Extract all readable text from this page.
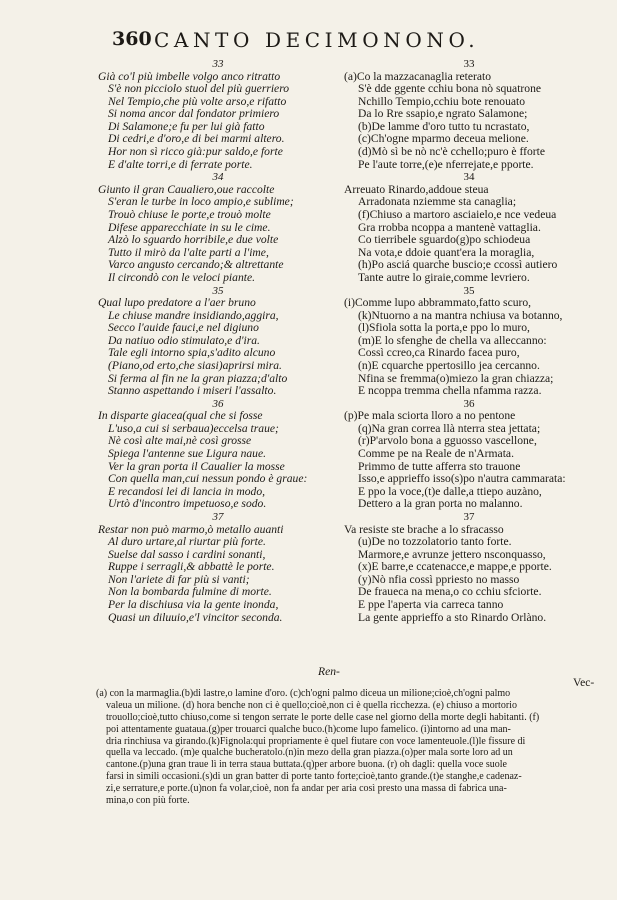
360 CANTO DECIMONONO.
33
Già co'l più imbelle volgo anco ritratto
S'è non picciolo stuol del più guerriero
Nel Tempio,che più volte arso,e rifatto
Si noma ancor dal fondator primiero
Di Salamone;e fu per lui già fatto
Di cedri,e d'oro,e di bei marmi altero.
Hor non sì ricco già:pur saldo,e forte
E d'alte torri,e di ferrate porte.
34
Giunto il gran Caualiero,oue raccolte
S'eran le turbe in loco ampio,e sublime;
Trouò chiuse le porte,e trouò molte
Difese apparecchiate in su le cime.
Alzò lo sguardo horribile,e due volte
Tutto il mirò da l'alte parti a l'ime,
Varco angusto cercando;& altrettante
Il circondò con le veloci piante.
35
Qual lupo predatore a l'aer bruno
Le chiuse mandre insidiando,aggira,
Secco l'auide fauci,e nel digiuno
Da natiuo odio stimulato,e d'ira.
Tale egli intorno spia,s'adito alcuno
(Piano,od erto,che siasi)aprirsi mira.
Si ferma al fin ne la gran piazza;d'alto
Stanno aspettando i miseri l'assalto.
36
In disparte giacea(qual che si fosse
L'uso,a cui si serbaua)eccelsa traue;
Nè così alte mai,nè così grosse
Spiega l'antenne sue Ligura naue.
Ver la gran porta il Caualier la mosse
Con quella man,cui nessun pondo è graue:
E recandosi lei di lancia in modo,
Urtò d'incontro impetuoso,e sodo.
37
Restar non può marmo,ò metallo auanti
Al duro urtare,al riurtar più forte.
Suelse dal sasso i cardini sonanti,
Ruppe i serragli,& abbattè le porte.
Non l'ariete di far più si vanti;
Non la bombarda fulmine di morte.
Per la dischiusa via la gente inonda,
Quasi un diluuio,e'l vincitor seconda.
33
(a)Co la mazzacanaglia reterato
S'è dde ggente cchiu bona nò squatrone
Nchillo Tempio,cchiu bote renouato
Da lo Rre ssapio,e ngrato Salamone;
(b)De lamme d'oro tutto tu ncrastato,
(c)Ch'ogne mparmo deceua melione.
(d)Mò sì be nò nc'è cchello;puro è fforte
Pe l'aute torre,(e)e nferrejate,e pporte.
34
Arreuato Rinardo,addoue steua
Arradonata nziemme sta canaglia;
(f)Chiuso a martoro asciaielo,e nce vedeua
Gra rrobba ncoppa a mantenè vattaglia.
Co tierribele sguardo(g)po schiodeua
Na vota,e ddoie quant'era la moraglia,
(h)Po asciá quarche buscio;e ccossì autiero
Tante autre lo giraie,comme levriero.
35
(i)Comme lupo abbrammato,fatto scuro,
(k)Ntuorno a na mantra nchiusa va botanno,
(l)Sfiola sotta la porta,e ppo lo muro,
(m)E lo sfenghe de chella va alleccanno:
Cossì ccreo,ca Rinardo facea puro,
(n)E cquarche ppertosillo jea cercanno.
Nfina se fremma(o)miezo la gran chiazza;
E ncoppa tremma chella nfamma razza.
36
(p)Pe mala sciorta lloro a no pentone
(q)Na gran correa llà nterra stea jettata;
(r)P'arvolo bona a gguosso vascellone,
Comme pe na Reale de n'Armata.
Primmo de tutte afferra sto trauone
Isso,e apprieffo isso(s)po n'autra cammarata:
E ppo la voce,(t)e dalle,a ttiepo auzàno,
Dettero a la gran porta no malanno.
37
Va resiste ste brache a lo sfracasso
(u)De no tozzolatorio tanto forte.
Marmore,e avrunze jettero nsconquasso,
(x)E barre,e ccatenacce,e mappe,e pporte.
(y)Nò nfia cossì ppriesto no masso
De fraueca na mena,o co cchiu sfciorte.
E ppe l'aperta via carreca tanno
La gente apprieffo a sto Rinardo Orlàno.
Ren-
Vec-
(a) con la marmaglia.(b)di lastre,o lamine d'oro. (c)ch'ogni palmo diceua un milione;cioè,ch'ogni palmo
valeua un milione. (d) hora benche non ci è quello;cioè,non ci è quella ricchezza. (e) chiuso a mortorio
trouollo;cioè,tutto chiuso,come si tengon serrate le porte delle case nel giorno della morte degli habitanti. (f)
poi attentamente guataua.(g)per trouarci qualche buco.(h)come lupo famelico. (i)intorno ad una man-
dria rinchiusa va girando.(k)Fignola:qui propriamente è quel fiutare con voce lamenteuole.(l)le fissure di
quella va leccado. (m)e qualche bucheratolo.(n)in mezo della gran piazza.(o)per mala sorte loro ad un
cantone.(p)una gran traue lì in terra staua buttata.(q)per arbore buona. (r) oh dagli: quella voce suole
farsi in simili occasioni.(s)di un gran batter di porte tanto forte;cioè,tanto grande.(t)e stanghe,e cadenaz-
zi,e serrature,e porte.(u)non fa volar,cioè, non fa andar per aria così presto una massa di fabrica una-
mina,o con più forte.
